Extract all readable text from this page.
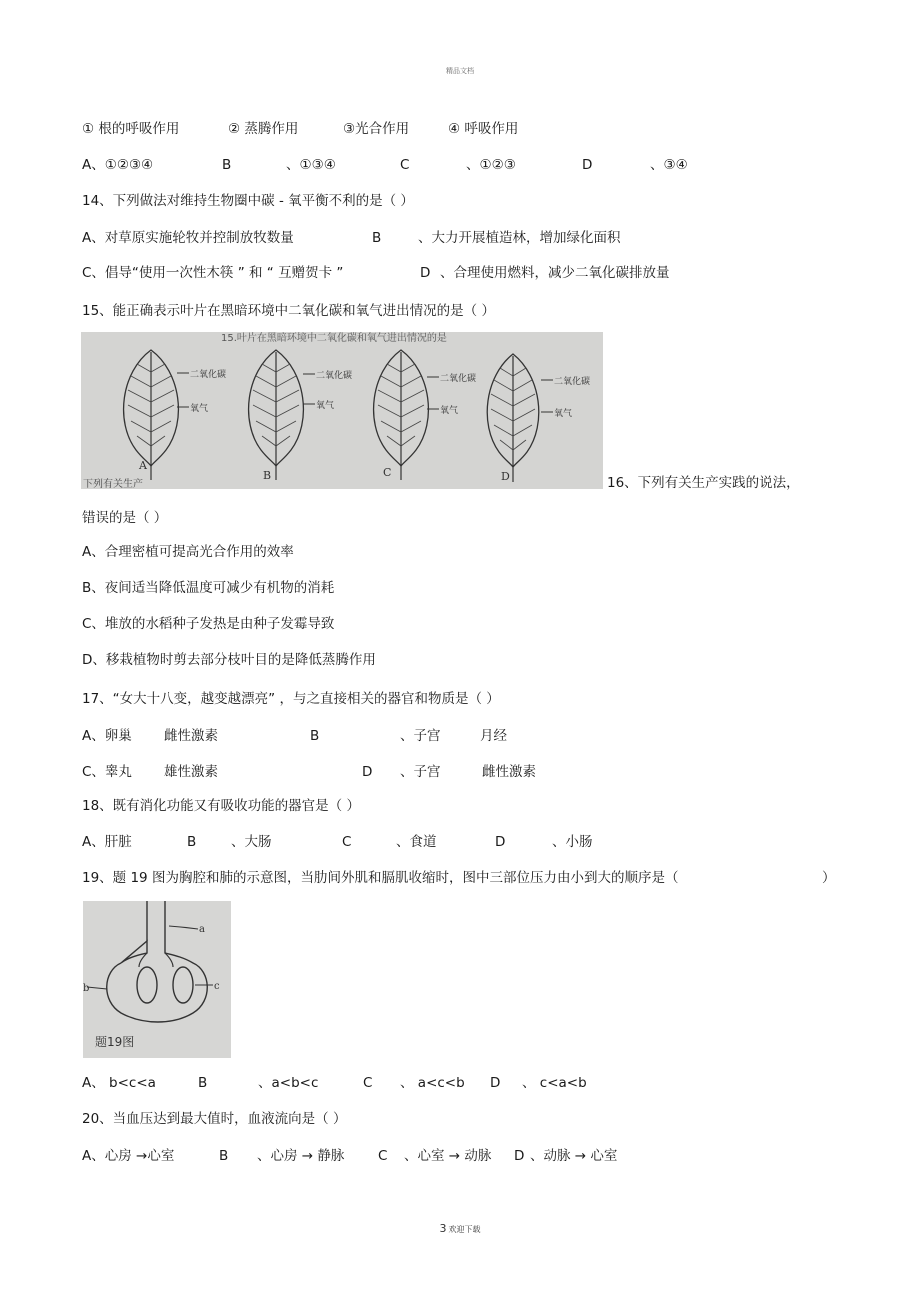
精品文档
① 根的呼吸作用	② 蒸腾作用	③光合作用	④ 呼吸作用
A、①②③④	B	、①③④	C	、①②③	D	、③④
14、下列做法对维持生物圈中碳 - 氧平衡不利的是（ ）
A、对草原实施轮牧并控制放牧数量	B	、大力开展植造林，增加绿化面积
C、倡导“使用一次性木筷 ” 和 “ 互赠贺卡 ”	D 、合理使用燃料，减少二氧化碳排放量
15、能正确表示叶片在黑暗环境中二氧化碳和氧气进出情况的是（ ）
15.叶片在黑暗环境中二氧化碳和氧气进出情况的是
二氧化碳
氧气
A
二氧化碳
氧气
B
二氧化碳
氧气
C
二氧化碳
氧气
D
下列有关生产	16、下列有关生产实践的说法，
错误的是（ ）
A、合理密植可提高光合作用的效率
B、夜间适当降低温度可减少有机物的消耗
C、堆放的水稻种子发热是由种子发霉导致
D、移栽植物时剪去部分枝叶目的是降低蒸腾作用
17、“女大十八变，越变越漂亮” ，与之直接相关的器官和物质是（ ）
A、卵巢 雌性激素	B	、子宫	月经
C、睾丸 雄性激素	D 、子宫	雌性激素
18、既有消化功能又有吸收功能的器官是（ ）
A、肝脏	B	、大肠	C	、食道	D	、小肠
19、题 19 图为胸腔和肺的示意图，当肋间外肌和膈肌收缩时，图中三部位压力由小到大的顺序是（	）
a
b	c
题19图
A、 b<c<a	B	、a<b<c	C 、 a<c<b D 、 c<a<b
20、当血压达到最大值时，血液流向是（ ）
A、心房 →心室	B 、心房 → 静脉 C 、心室 → 动脉 D 、动脉 → 心室
3 欢迎下载
